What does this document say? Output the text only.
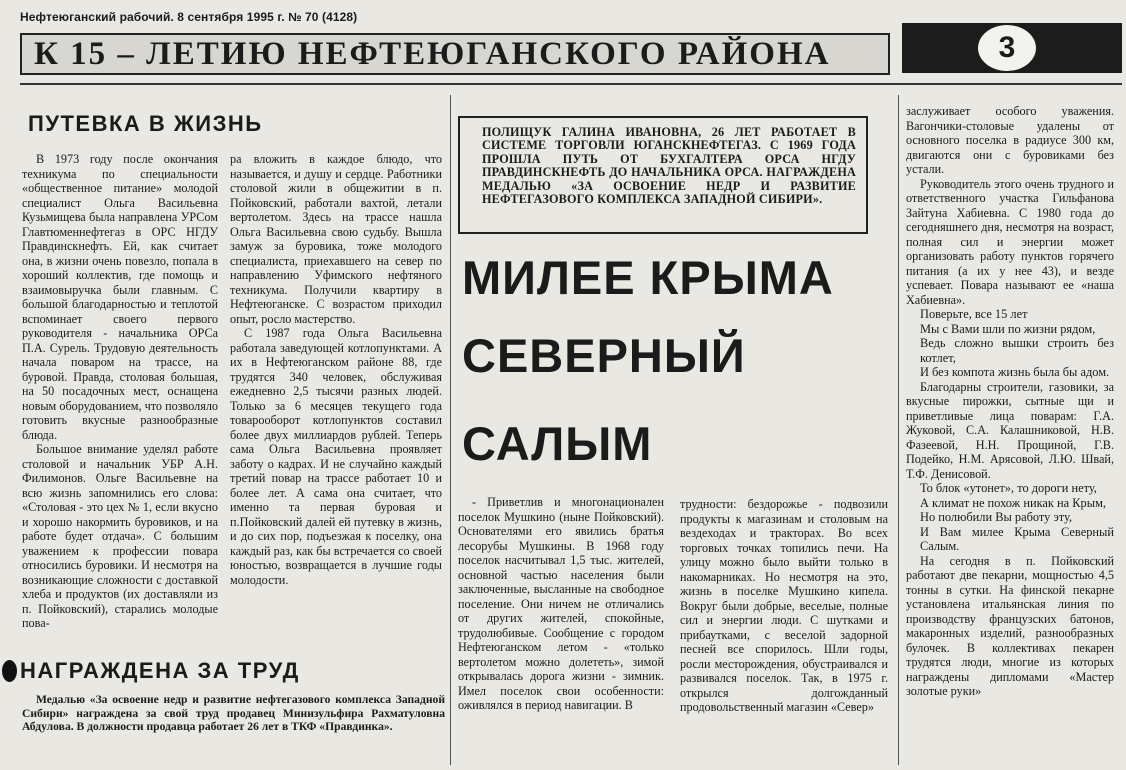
Нефтеюганский рабочий. 8 сентября 1995 г. № 70 (4128)
К 15 – ЛЕТИЮ НЕФТЕЮГАНСКОГО РАЙОНА	3
ПУТЕВКА В ЖИЗНЬ

В 1973 году после окончания техникума по специальности «общественное питание» молодой специалист Ольга Васильевна Кузьмищева была направлена УРСом Главтюменнефтегаз в ОРС НГДУ Правдинскнефть. Ей, как считает она, в жизни очень повезло, попала в хороший коллектив, где помощь и взаимовыручка были главным. С большой благодарностью и теплотой вспоминает своего первого руководителя - начальника ОРСа П.А. Сурель. Трудовую деятельность начала поваром на трассе, на буровой. Правда, столовая большая, на 50 посадочных мест, оснащена новым оборудованием, что позволяло готовить вкусные разнообразные блюда.

Большое внимание уделял работе столовой и начальник УБР А.Н. Филимонов. Ольге Васильевне на всю жизнь запомнились его слова: «Столовая - это цех № 1, если вкусно и хорошо накормить буровиков, и на работе будет отдача». С большим уважением к профессии повара относились буровики. И несмотря на возникающие сложности с доставкой хлеба и продуктов (их доставляли из п. Пойковский), старались молодые пова-

ра вложить в каждое блюдо, что называется, и душу и сердце. Работники столовой жили в общежитии в п. Пойковский, работали вахтой, летали вертолетом. Здесь на трассе нашла Ольга Васильевна свою судьбу. Вышла замуж за буровика, тоже молодого специалиста, приехавшего на север по направлению Уфимского нефтяного техникума. Получили квартиру в Нефтеюганске. С возрастом приходил опыт, росло мастерство.

С 1987 года Ольга Васильевна работала заведующей котлопунктами. А их в Нефтеюганском районе 88, где трудятся 340 человек, обслуживая ежедневно 2,5 тысячи разных людей. Только за 6 месяцев текущего года товарооборот котлопунктов составил более двух миллиардов рублей. Теперь сама Ольга Васильевна проявляет заботу о кадрах. И не случайно каждый третий повар на трассе работает 10 и более лет. А сама она считает, что именно та первая буровая и п.Пойковский далей ей путевку в жизнь, и до сих пор, подъезжая к поселку, она каждый раз, как бы встречается со своей юностью, возвращается в лучшие годы молодости.

НАГРАЖДЕНА ЗА ТРУД
Медалью «За освоение недр и развитие нефтегазового комплекса Западной Сибири» награждена за свой труд продавец Минизульфира Рахматуловна Абдулова. В должности продавца работает 26 лет в ТКФ «Правдинка».
ПОЛИЩУК ГАЛИНА ИВАНОВНА, 26 ЛЕТ РАБОТАЕТ В СИСТЕМЕ ТОРГОВЛИ ЮГАНСКНЕФТЕГАЗ. С 1969 ГОДА ПРОШЛА ПУТЬ ОТ БУХГАЛТЕРА ОРСА НГДУ ПРАВДИНСКНЕФТЬ ДО НАЧАЛЬНИКА ОРСА. НАГРАЖДЕНА МЕДАЛЬЮ «ЗА ОСВОЕНИЕ НЕДР И РАЗВИТИЕ НЕФТЕГАЗОВОГО КОМПЛЕКСА ЗАПАДНОЙ СИБИРИ».
МИЛЕЕ КРЫМА
СЕВЕРНЫЙ
САЛЫМ

- Приветлив и многонационален поселок Мушкино (ныне Пойковский). Основателями его явились братья лесорубы Мушкины. В 1968 году поселок насчитывал 1,5 тыс. жителей, основной частью населения были заключенные, высланные на свободное поселение. Они ничем не отличались от других жителей, спокойные, трудолюбивые. Сообщение с городом Нефтеюганском летом - «только вертолетом можно долететь», зимой открывалась дорога жизни - зимник. Имел поселок свои особенности: оживлялся в период навигации. В

трудности: бездорожье - подвозили продукты к магазинам и столовым на вездеходах и тракторах. Во всех торговых точках топились печи. На улицу можно было выйти только в накомарниках. Но несмотря на это, жизнь в поселке Мушкино кипела. Вокруг были добрые, веселые, полные сил и энергии люди. С шутками и прибаутками, с веселой задорной песней все спорилось. Шли годы, росли месторождения, обустраивался и развивался поселок. Так, в 1975 г. открылся долгожданный продовольственный магазин «Север»

заслуживает особого уважения. Вагончики-столовые удалены от основного поселка в радиусе 300 км, двигаются они с буровиками без устали.

Руководитель этого очень трудного и ответственного участка Гильфанова Зайтуна Хабиевна. С 1980 года до сегодняшнего дня, несмотря на возраст, полная сил и энергии может организовать работу пунктов горячего питания (а их у нее 43), и везде успевает. Повара называют ее «наша Хабиевна».

Поверьте, все 15 лет

Мы с Вами шли по жизни рядом,

Ведь сложно вышки строить без котлет,

И без компота жизнь была бы адом.

Благодарны строители, газовики, за вкусные пирожки, сытные щи и приветливые лица поварам: Г.А. Жуковой, С.А. Калашниковой, Н.В. Фазеевой, Н.Н. Прощиной, Г.В. Подейко, Н.М. Арясовой, Л.Ю. Швай, Т.Ф. Денисовой.

То блок «утонет», то дороги нету,

А климат не похож никак на Крым,

Но полюбили Вы работу эту,

И Вам милее Крыма Северный Салым.

На сегодня в п. Пойковский работают две пекарни, мощностью 4,5 тонны в сутки. На финской пекарне установлена итальянская линия по производству французских батонов, макаронных изделий, разнообразных булочек. В коллективах пекарен трудятся люди, многие из которых награждены дипломами «Мастер золотые руки»
